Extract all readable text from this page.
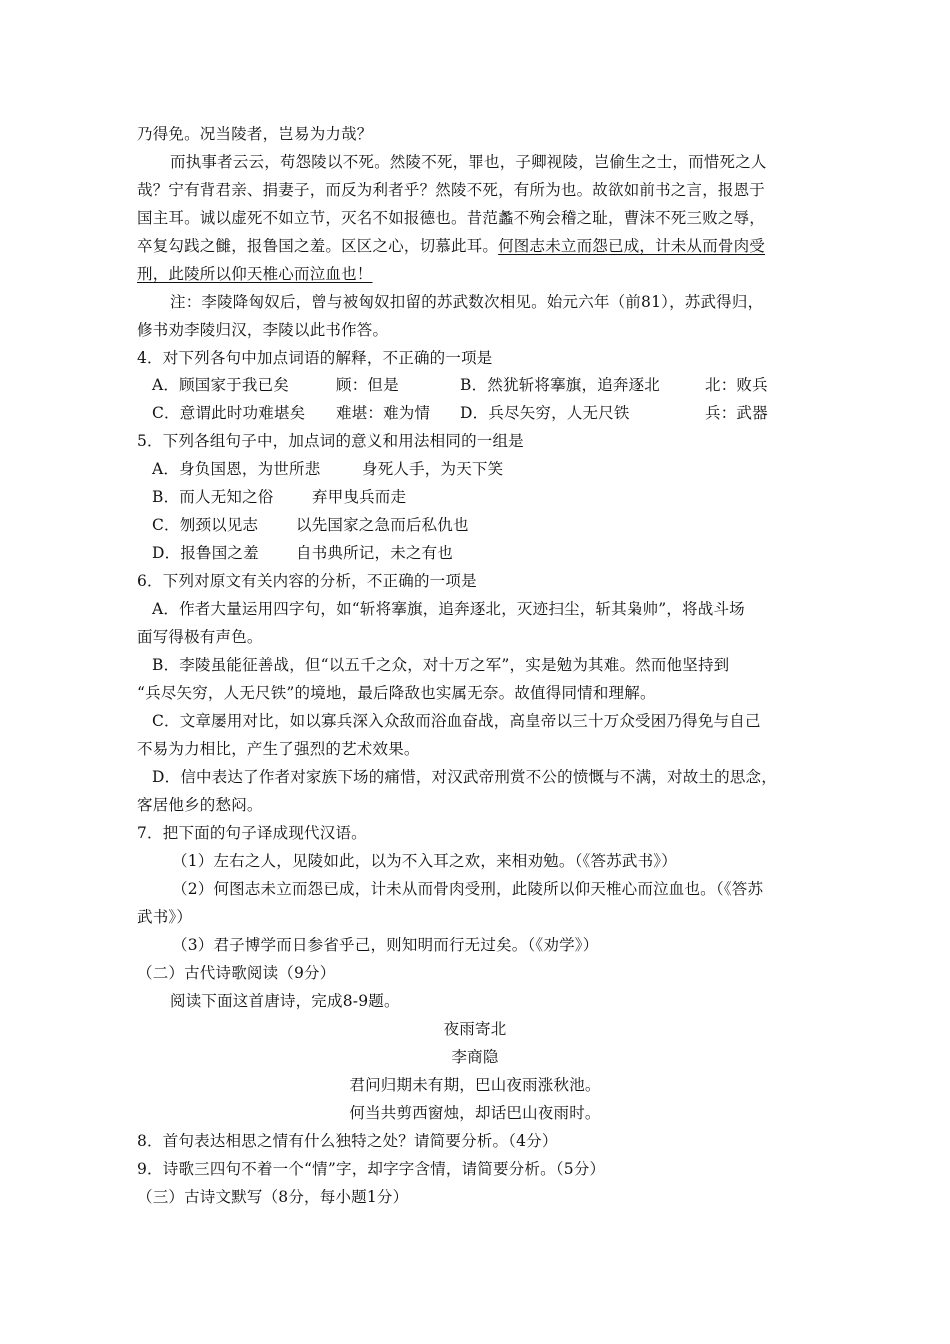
乃得免。况当陵者，岂易为力哉？
而执事者云云，苟怨陵以不死。然陵不死，罪也，子卿视陵，岂偷生之士，而惜死之人
哉？宁有背君亲、捐妻子，而反为利者乎？然陵不死，有所为也。故欲如前书之言，报恩于
国主耳。诚以虚死不如立节，灭名不如报德也。昔范蠡不殉会稽之耻，曹沫不死三败之辱，
卒复勾践之雠，报鲁国之羞。区区之心，切慕此耳。何图志未立而怨已成，计未从而骨肉受
刑，此陵所以仰天椎心而泣血也！
注：李陵降匈奴后，曾与被匈奴扣留的苏武数次相见。始元六年（前81），苏武得归，
修书劝李陵归汉，李陵以此书作答。
4．对下列各句中加点词语的解释，不正确的一项是
A．顾国家于我已矣	顾：但是	B．然犹斩将搴旗，追奔逐北	北：败兵
C．意谓此时功难堪矣 难堪：难为情 D．兵尽矢穷，人无尺铁	兵：武器
5．下列各组句子中，加点词的意义和用法相同的一组是
A．身负国恩，为世所悲	身死人手，为天下笑
B．而人无知之俗 弃甲曳兵而走
C．刎颈以见志 以先国家之急而后私仇也
D．报鲁国之羞 自书典所记，未之有也
6．下列对原文有关内容的分析，不正确的一项是
A．作者大量运用四字句，如“斩将搴旗，追奔逐北，灭迹扫尘，斩其枭帅”，将战斗场
面写得极有声色。
B．李陵虽能征善战，但“以五千之众，对十万之军”，实是勉为其难。然而他坚持到
“兵尽矢穷，人无尺铁”的境地，最后降敌也实属无奈。故值得同情和理解。
C．文章屡用对比，如以寡兵深入众敌而浴血奋战，高皇帝以三十万众受困乃得免与自己
不易为力相比，产生了强烈的艺术效果。
D．信中表达了作者对家族下场的痛惜，对汉武帝刑赏不公的愤慨与不满，对故土的思念，
客居他乡的愁闷。
7．把下面的句子译成现代汉语。
（1）左右之人，见陵如此，以为不入耳之欢，来相劝勉。（《答苏武书》）
（2）何图志未立而怨已成，计未从而骨肉受刑，此陵所以仰天椎心而泣血也。（《答苏
武书》）
（3）君子博学而日参省乎己，则知明而行无过矣。（《劝学》）
（二）古代诗歌阅读（9分）
阅读下面这首唐诗，完成8-9题。
夜雨寄北
李商隐
君问归期未有期，巴山夜雨涨秋池。
何当共剪西窗烛，却话巴山夜雨时。
8．首句表达相思之情有什么独特之处？请简要分析。（4分）
9．诗歌三四句不着一个“情”字，却字字含情，请简要分析。（5分）
（三）古诗文默写（8分，每小题1分）
